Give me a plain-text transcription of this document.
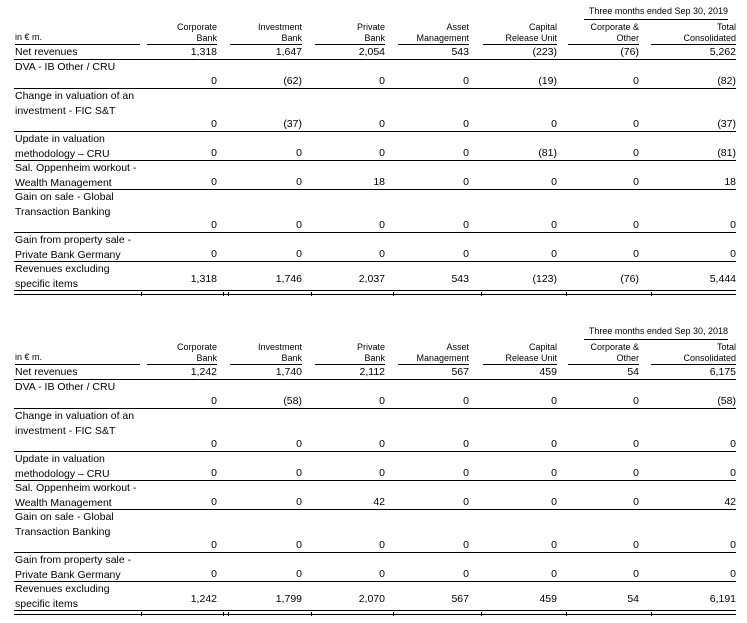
Three months ended Sep 30, 2019
in € m.
Corporate
Bank
Investment
Bank
Private
Bank
Asset
Management
Capital
Release Unit
Corporate &
Other
Total
Consolidated
Net revenues	1,318	1,647	2,054	543	(223)	(76)	5,262
DVA - IB Other / CRU
0	(62)	0	0	(19)	0	(82)
Change in valuation of an investment - FIC S&T
0	(37)	0	0	0	0	(37)
Update in valuation methodology – CRU	0	0	0	0	(81)	0	(81)
Sal. Oppenheim workout - Wealth Management	0	0	18	0	0	0	18
Gain on sale - Global Transaction Banking
0	0	0	0	0	0	0
Gain from property sale - Private Bank Germany	0	0	0	0	0	0	0
Revenues excluding specific items	1,318	1,746	2,037	543	(123)	(76)	5,444
Three months ended Sep 30, 2018
in € m.
Corporate
Bank
Investment
Bank
Private
Bank
Asset
Management
Capital
Release Unit
Corporate &
Other
Total
Consolidated
Net revenues	1,242	1,740	2,112	567	459	54	6,175
DVA - IB Other / CRU
0	(58)	0	0	0	0	(58)
Change in valuation of an investment - FIC S&T
0	0	0	0	0	0	0
Update in valuation methodology – CRU	0	0	0	0	0	0	0
Sal. Oppenheim workout - Wealth Management	0	0	42	0	0	0	42
Gain on sale - Global Transaction Banking
0	0	0	0	0	0	0
Gain from property sale - Private Bank Germany	0	0	0	0	0	0	0
Revenues excluding specific items	1,242	1,799	2,070	567	459	54	6,191
